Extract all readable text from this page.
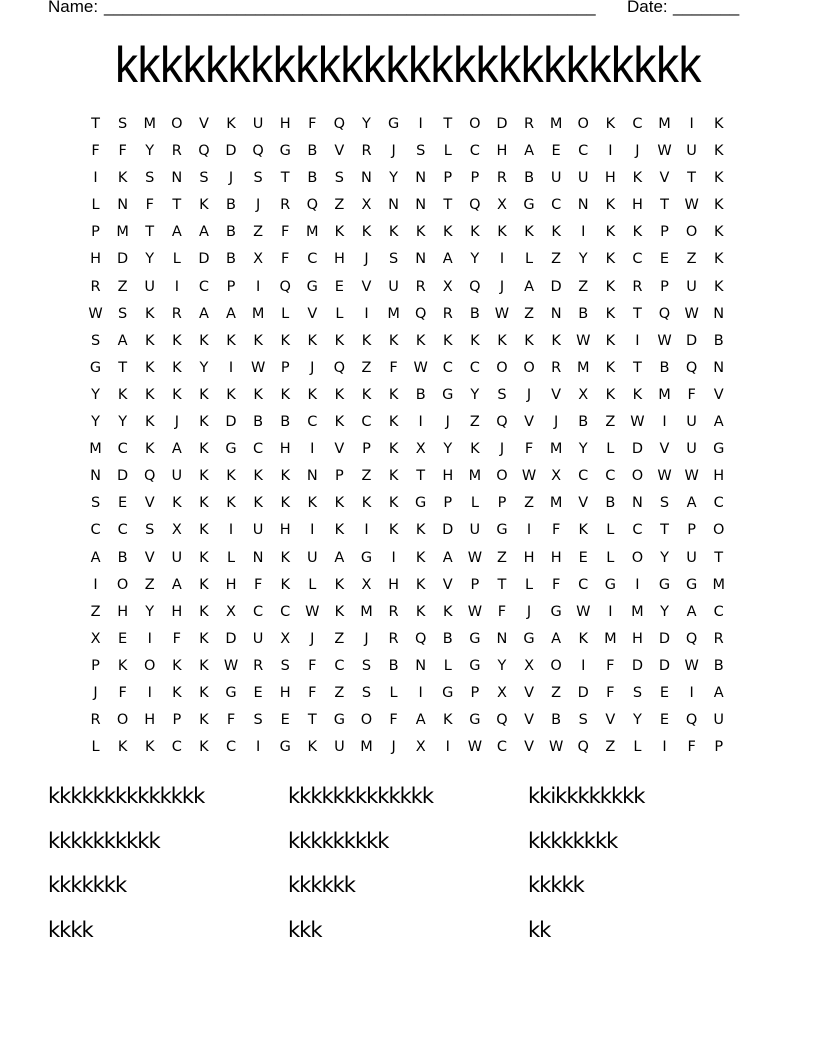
Name: ____________________________________________________ Date: _______
kkkkkkkkkkkkkkkkkkkkkkkkkk
T	S	M	O	V	K	U	H	F	Q	Y	G	I	T	O	D	R	M	O	K	C	M	I	K
F	F	Y	R	Q	D	Q	G	B	V	R	J	S	L	C	H	A	E	C	I	J	W	U	K
I	K	S	N	S	J	S	T	B	S	N	Y	N	P	P	R	B	U	U	H	K	V	T	K
L	N	F	T	K	B	J	R	Q	Z	X	N	N	T	Q	X	G	C	N	K	H	T	W	K
P	M	T	A	A	B	Z	F	M	K	K	K	K	K	K	K	K	K	I	K	K	P	O	K
H	D	Y	L	D	B	X	F	C	H	J	S	N	A	Y	I	L	Z	Y	K	C	E	Z	K
R	Z	U	I	C	P	I	Q	G	E	V	U	R	X	Q	J	A	D	Z	K	R	P	U	K
W	S	K	R	A	A	M	L	V	L	I	M	Q	R	B	W	Z	N	B	K	T	Q W N
S	A	K	K	K	K	K	K	K	K	K	K	K	K	K	K	K	K	W	K	I	W D	B
G	T	K	K	Y	I	W	P	J	Q	Z	F	W	C	C	O	O	R	M	K	T	B	Q	N
Y	K	K	K	K	K	K	K	K	K	K	K	B	G	Y	S	J	V	X	K	K	M	F	V
Y	Y	K	J	K	D	B	B	C	K	C	K	I	J	Z	Q	V	J	B	Z	W	I	U	A
M	C	K	A	K	G	C	H	I	V	P	K	X	Y	K	J	F	M	Y	L	D	V	U	G
N	D	Q	U	K	K	K	K	N	P	Z	K	T	H	M	O W	X	C	C	O W W H
S	E	V	K	K	K	K	K	K	K	K	K	G	P	L	P	Z	M	V	B	N	S	A	C
C	C	S	X	K	I	U	H	I	K	I	K	K	D	U	G	I	F	K	L	C	T	P	O
A	B	V	U	K	L	N	K	U	A	G	I	K	A	W	Z	H	H	E	L	O	Y	U	T
I	O	Z	A	K	H	F	K	L	K	X	H	K	V	P	T	L	F	C	G	I	G	G	M
Z	H	Y	H	K	X	C	C	W	K	M	R	K	K	W	F	J	G W	I	M	Y	A	C
X	E	I	F	K	D	U	X	J	Z	J	R	Q	B	G	N	G	A	K	M	H	D	Q	R
P	K	O	K	K	W	R	S	F	C	S	B	N	L	G	Y	X	O	I	F	D	D W	B
J	F	I	K	K	G	E	H	F	Z	S	L	I	G	P	X	V	Z	D	F	S	E	I	A
R	O	H	P	K	F	S	E	T	G	O	F	A	K	G	Q	V	B	S	V	Y	E	Q	U
L	K	K	C	K	C	I	G	K	U	M	J	X	I	W	C	V	W Q	Z	L	I	F	P
kkkkkkkkkkkkkk	kkkkkkkkkkkkk	kkikkkkkkkk
kkkkkkkkkk	kkkkkkkkk	kkkkkkkk
kkkkkkk	kkkkkk	kkkkk
kkkk	kkk	kk
